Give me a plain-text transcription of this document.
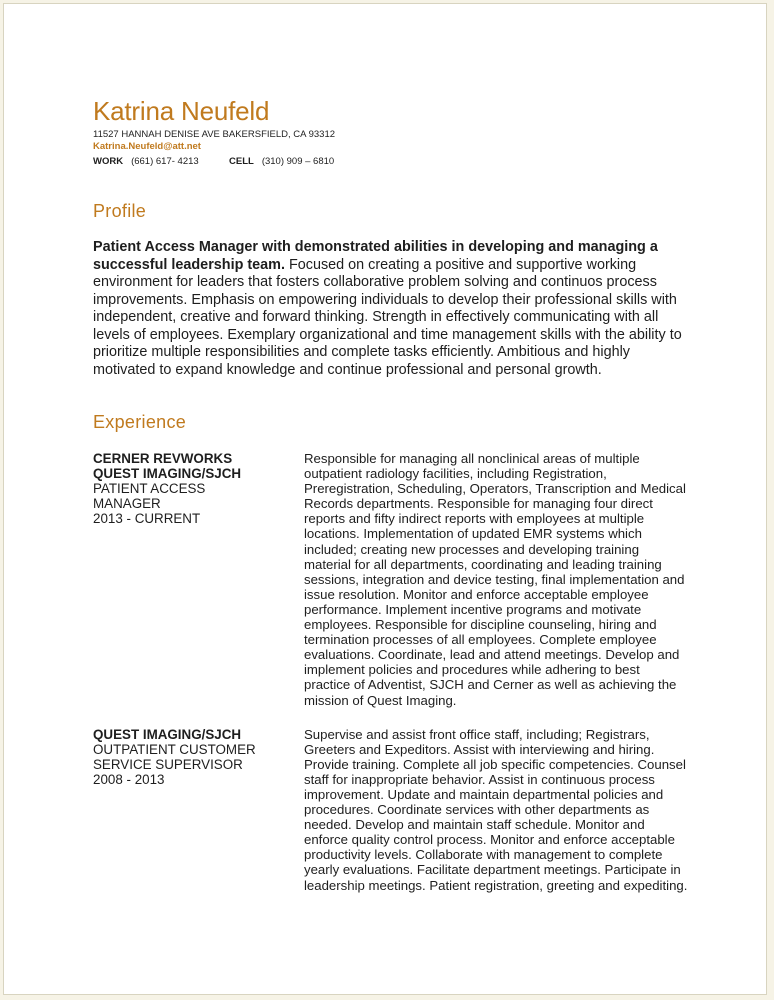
Katrina Neufeld
11527 HANNAH DENISE AVE BAKERSFIELD, CA 93312
Katrina.Neufeld@att.net
WORK (661) 617- 4213	CELL (310) 909 – 6810
Profile
Patient Access Manager with demonstrated abilities in developing and managing a successful leadership team. Focused on creating a positive and supportive working environment for leaders that fosters collaborative problem solving and continuos process improvements. Emphasis on empowering individuals to develop their professional skills with independent, creative and forward thinking. Strength in effectively communicating with all levels of employees. Exemplary organizational and time management skills with the ability to prioritize multiple responsibilities and complete tasks efficiently. Ambitious and highly motivated to expand knowledge and continue professional and personal growth.
Experience
CERNER REVWORKS
QUEST IMAGING/SJCH
PATIENT ACCESS
MANAGER
2013 - CURRENT
Responsible for managing all nonclinical areas of multiple outpatient radiology facilities, including Registration, Preregistration, Scheduling, Operators, Transcription and Medical Records departments. Responsible for managing four direct reports and fifty indirect reports with employees at multiple locations. Implementation of updated EMR systems which included; creating new processes and developing training material for all departments, coordinating and leading training sessions, integration and device testing, final implementation and issue resolution. Monitor and enforce acceptable employee performance. Implement incentive programs and motivate employees. Responsible for discipline counseling, hiring and termination processes of all employees. Complete employee evaluations. Coordinate, lead and attend meetings. Develop and implement policies and procedures while adhering to best practice of Adventist, SJCH and Cerner as well as achieving the mission of Quest Imaging.
QUEST IMAGING/SJCH
OUTPATIENT CUSTOMER
SERVICE SUPERVISOR
2008 - 2013
Supervise and assist front office staff, including; Registrars, Greeters and Expeditors. Assist with interviewing and hiring. Provide training. Complete all job specific competencies. Counsel staff for inappropriate behavior. Assist in continuous process improvement. Update and maintain departmental policies and procedures. Coordinate services with other departments as needed. Develop and maintain staff schedule. Monitor and enforce quality control process. Monitor and enforce acceptable productivity levels. Collaborate with management to complete yearly evaluations. Facilitate department meetings. Participate in leadership meetings. Patient registration, greeting and expediting.
